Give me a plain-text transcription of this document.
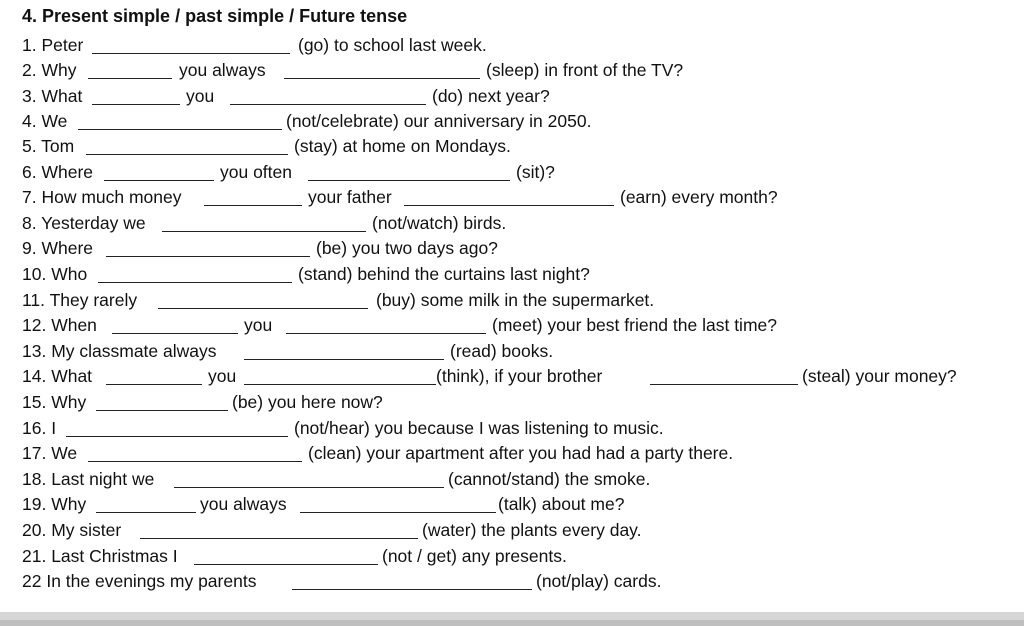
4. Present simple / past simple / Future tense
1. Peter	(go) to school last week.
2. Why	you always	(sleep) in front of the TV?
3. What	you	(do) next year?
4. We	(not/celebrate) our anniversary in 2050.
5. Tom	(stay) at home on Mondays.
6. Where	you often	(sit)?
7. How much money	your father	(earn) every month?
8. Yesterday we	(not/watch) birds.
9. Where	(be) you two days ago?
10. Who	(stand) behind the curtains last night?
11. They rarely	(buy) some milk in the supermarket.
12. When	you	(meet) your best friend the last time?
13. My classmate always	(read) books.
14. What	you	(think), if your brother	(steal) your money?
15. Why	(be) you here now?
16. I	(not/hear) you because I was listening to music.
17. We	(clean) your apartment after you had had a party there.
18. Last night we	(cannot/stand) the smoke.
19. Why	you always	(talk) about me?
20. My sister	(water) the plants every day.
21. Last Christmas I	(not / get) any presents.
22 In the evenings my parents	(not/play) cards.
